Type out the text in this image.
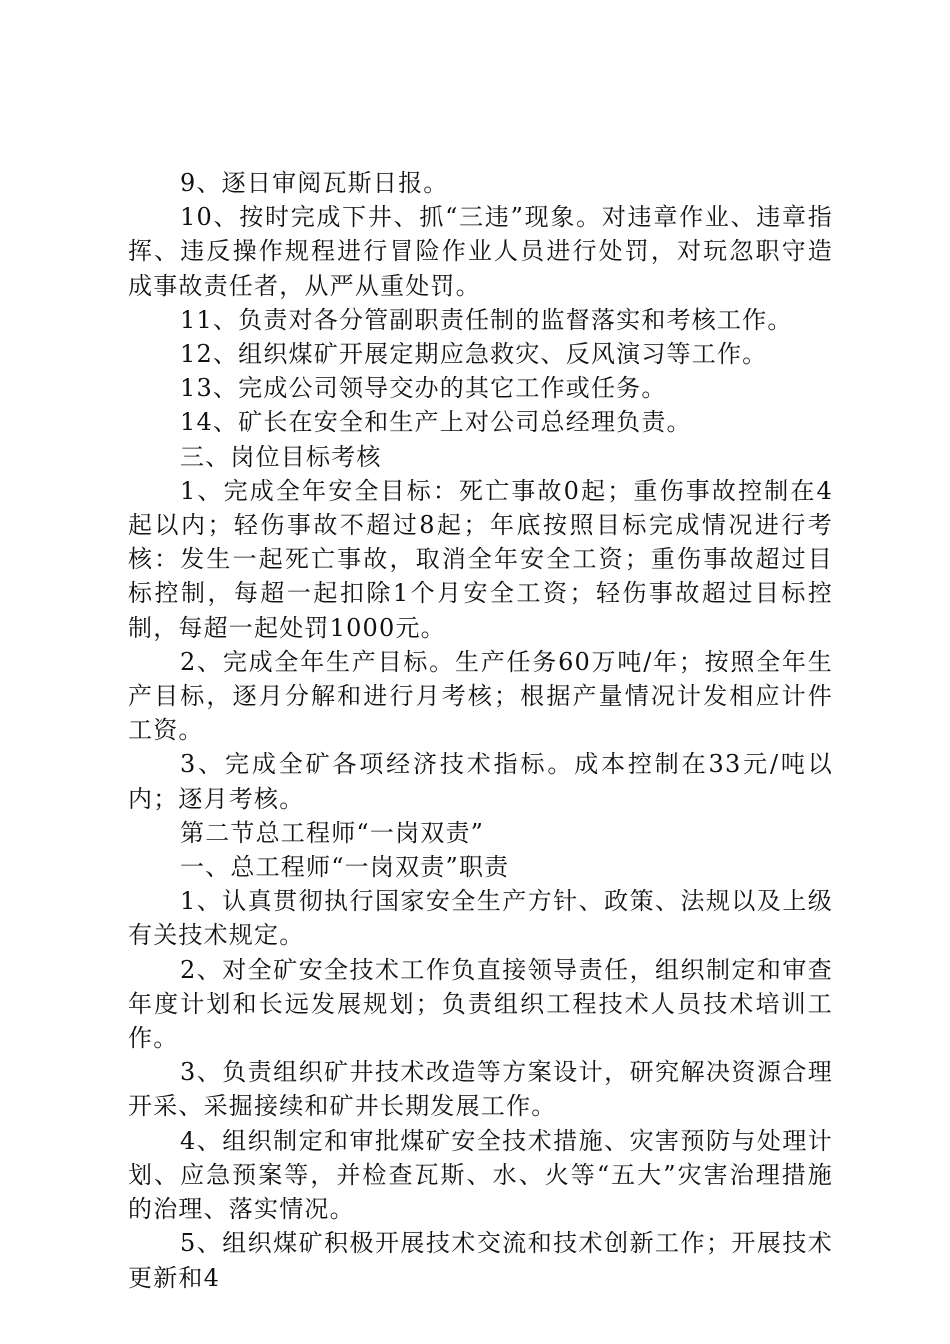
9、逐日审阅瓦斯日报。

10、按时完成下井、抓“三违”现象。对违章作业、违章指挥、违反操作规程进行冒险作业人员进行处罚，对玩忽职守造成事故责任者，从严从重处罚。

11、负责对各分管副职责任制的监督落实和考核工作。

12、组织煤矿开展定期应急救灾、反风演习等工作。

13、完成公司领导交办的其它工作或任务。

14、矿长在安全和生产上对公司总经理负责。

三、岗位目标考核

1、完成全年安全目标：死亡事故0起；重伤事故控制在4起以内；轻伤事故不超过8起；年底按照目标完成情况进行考核：发生一起死亡事故，取消全年安全工资；重伤事故超过目标控制，每超一起扣除1个月安全工资；轻伤事故超过目标控制，每超一起处罚1000元。

2、完成全年生产目标。生产任务60万吨/年；按照全年生产目标，逐月分解和进行月考核；根据产量情况计发相应计件工资。

3、完成全矿各项经济技术指标。成本控制在33元/吨以内；逐月考核。

第二节总工程师“一岗双责”

一、总工程师“一岗双责”职责

1、认真贯彻执行国家安全生产方针、政策、法规以及上级有关技术规定。

2、对全矿安全技术工作负直接领导责任，组织制定和审查年度计划和长远发展规划；负责组织工程技术人员技术培训工作。

3、负责组织矿井技术改造等方案设计，研究解决资源合理开采、采掘接续和矿井长期发展工作。

4、组织制定和审批煤矿安全技术措施、灾害预防与处理计划、应急预案等，并检查瓦斯、水、火等“五大”灾害治理措施的治理、落实情况。

5、组织煤矿积极开展技术交流和技术创新工作；开展技术更新和4
